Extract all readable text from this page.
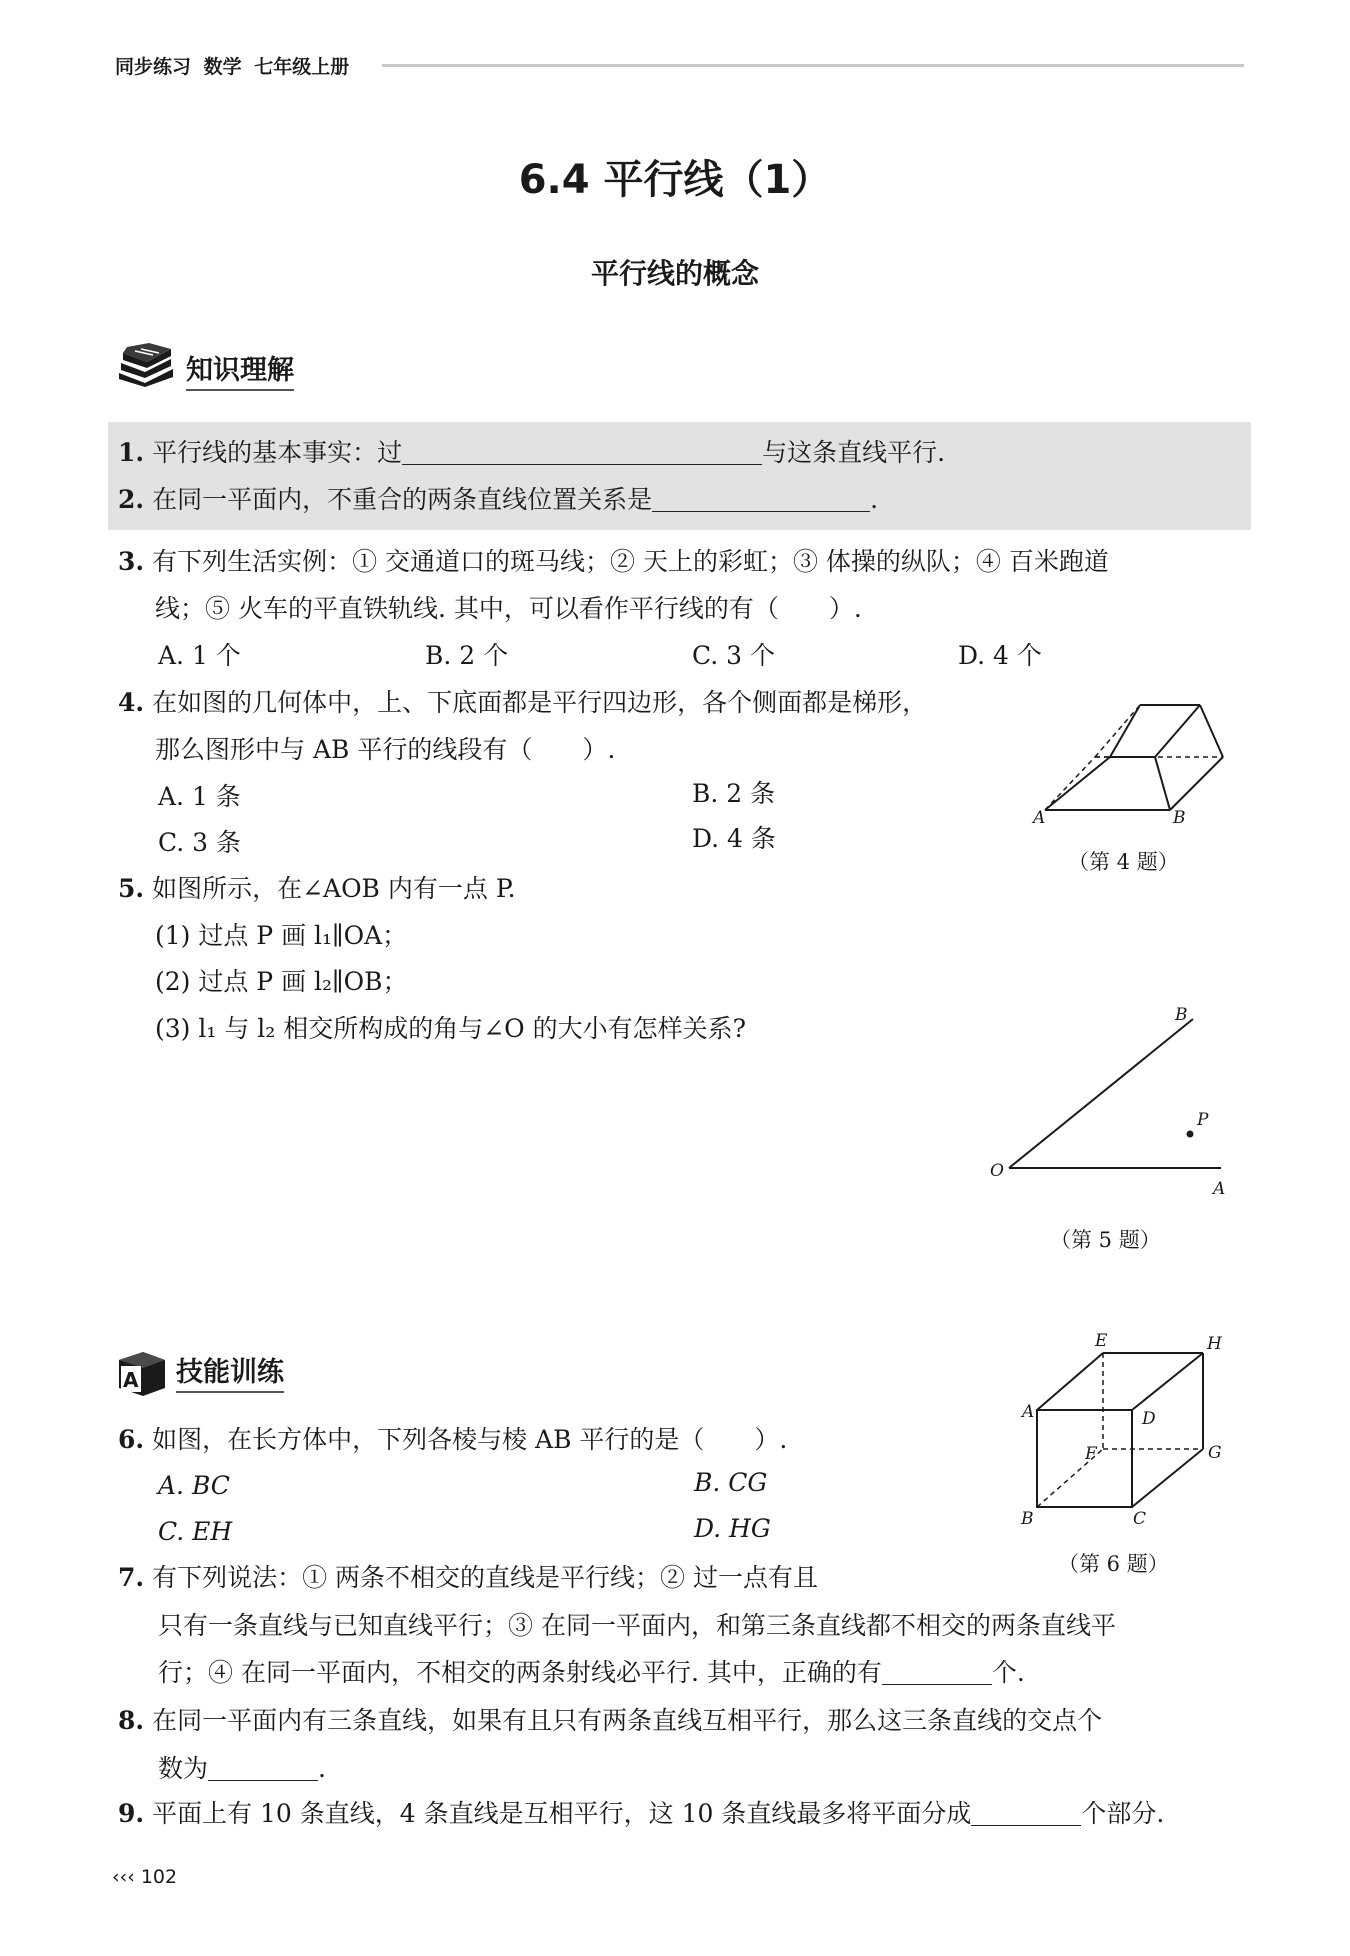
同步练习 数学 七年级上册
6.4 平行线（1）
平行线的概念
知识理解
1. 平行线的基本事实：过	与这条直线平行.
2. 在同一平面内，不重合的两条直线位置关系是	.
3. 有下列生活实例：① 交通道口的斑马线；② 天上的彩虹；③ 体操的纵队；④ 百米跑道
线；⑤ 火车的平直铁轨线. 其中，可以看作平行线的有（　　）.
A. 1 个	B. 2 个	C. 3 个	D. 4 个
4. 在如图的几何体中，上、下底面都是平行四边形，各个侧面都是梯形，
那么图形中与 AB 平行的线段有（　　）.
A. 1 条	B. 2 条
C. 3 条	D. 4 条
A	B
（第 4 题）
5. 如图所示，在∠AOB 内有一点 P.
(1) 过点 P 画 l₁∥OA；
(2) 过点 P 画 l₂∥OB；
(3) l₁ 与 l₂ 相交所构成的角与∠O 的大小有怎样关系?
O
A
B
P
（第 5 题）
A 技能训练
A
B	C
D
E
F	G
H
（第 6 题）
6. 如图，在长方体中，下列各棱与棱 AB 平行的是（　　）.
A. BC	B. CG
C. EH	D. HG
7. 有下列说法：① 两条不相交的直线是平行线；② 过一点有且
只有一条直线与已知直线平行；③ 在同一平面内，和第三条直线都不相交的两条直线平
行；④ 在同一平面内，不相交的两条射线必平行. 其中，正确的有	个.
8. 在同一平面内有三条直线，如果有且只有两条直线互相平行，那么这三条直线的交点个
数为	.
9. 平面上有 10 条直线，4 条直线是互相平行，这 10 条直线最多将平面分成	个部分.
‹‹‹ 102
